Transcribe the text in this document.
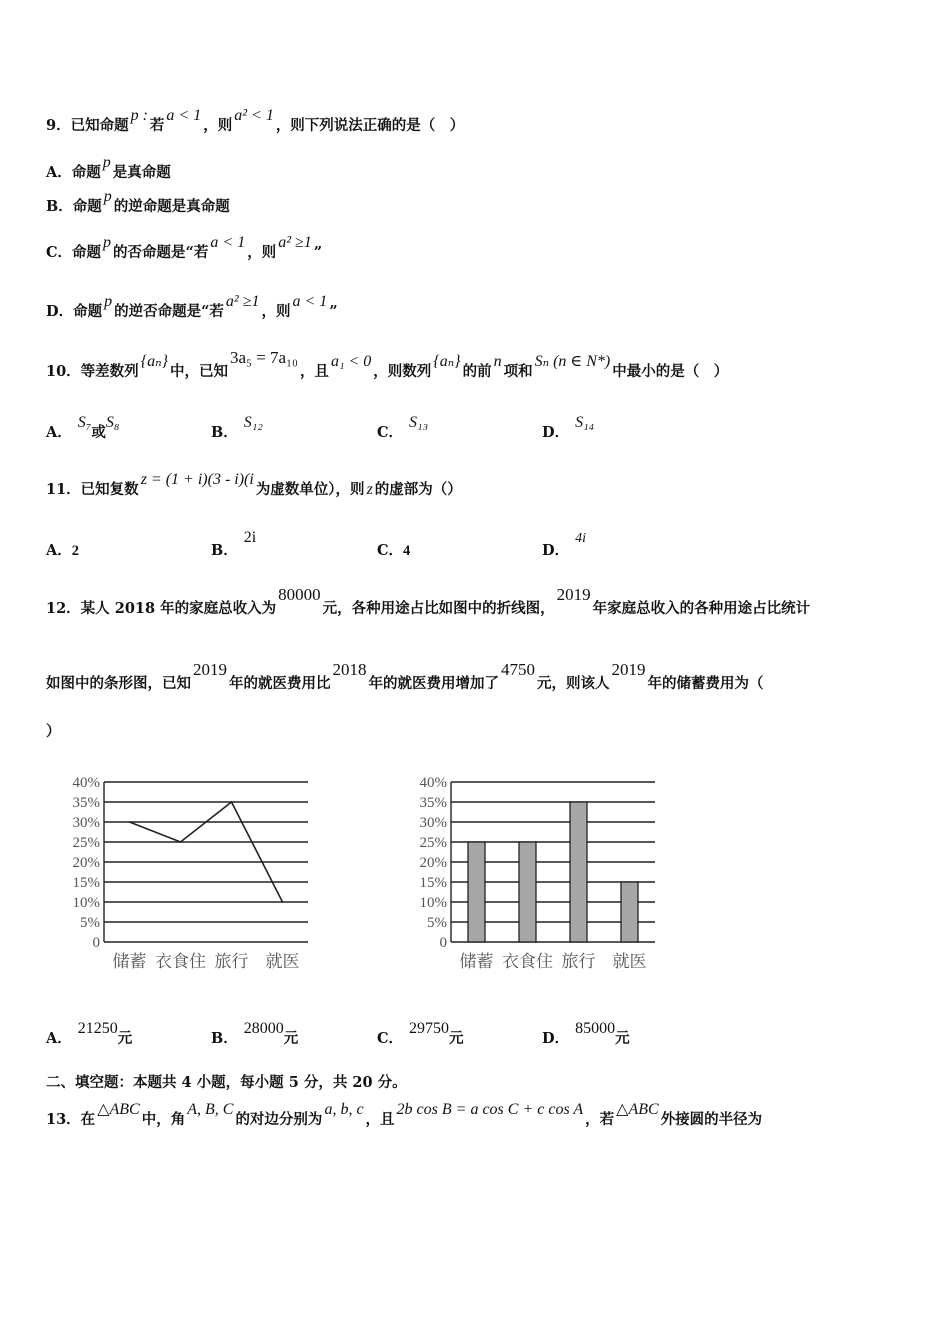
9．已知命题p :若a < 1，则a² < 1，则下列说法正确的是（　）
A．命题p是真命题
B．命题p的逆命题是真命题
C．命题p的否命题是“若a < 1，则a² ≥1”
D．命题p的逆否命题是“若a² ≥1，则a < 1”
10．等差数列{aₙ}中，已知3a₅ = 7a₁₀，且a₁ < 0，则数列{aₙ}的前n项和Sₙ (n ∈ N*)中最小的是（　）
A．S₇或S₈
B．S₁₂
C．S₁₃
D．S₁₄
11．已知复数z = (1 + i)(3 - i)(i为虚数单位），则 z 的虚部为（）
A．2	B．2i
C．4	D．4i
12．某人 2018 年的家庭总收入为80000元，各种用途占比如图中的折线图，2019年家庭总收入的各种用途占比统计
如图中的条形图，已知2019年的就医费用比2018年的就医费用增加了4750元，则该人2019年的储蓄费用为（
）
0
5%
10%
15%
20%
25%
30%
35%
40%
储蓄 衣食住 旅行 就医
0
5%
10%
15%
20%
25%
30%
35%
40%
储蓄 衣食住 旅行 就医
A．21250元	B．28000元	C．29750元	D．85000元
二、填空题：本题共 4 小题，每小题 5 分，共 20 分。
13．在△ABC中，角A, B, C的对边分别为a, b, c，且2b cos B = a cos C + c cos A，若△ABC外接圆的半径为
